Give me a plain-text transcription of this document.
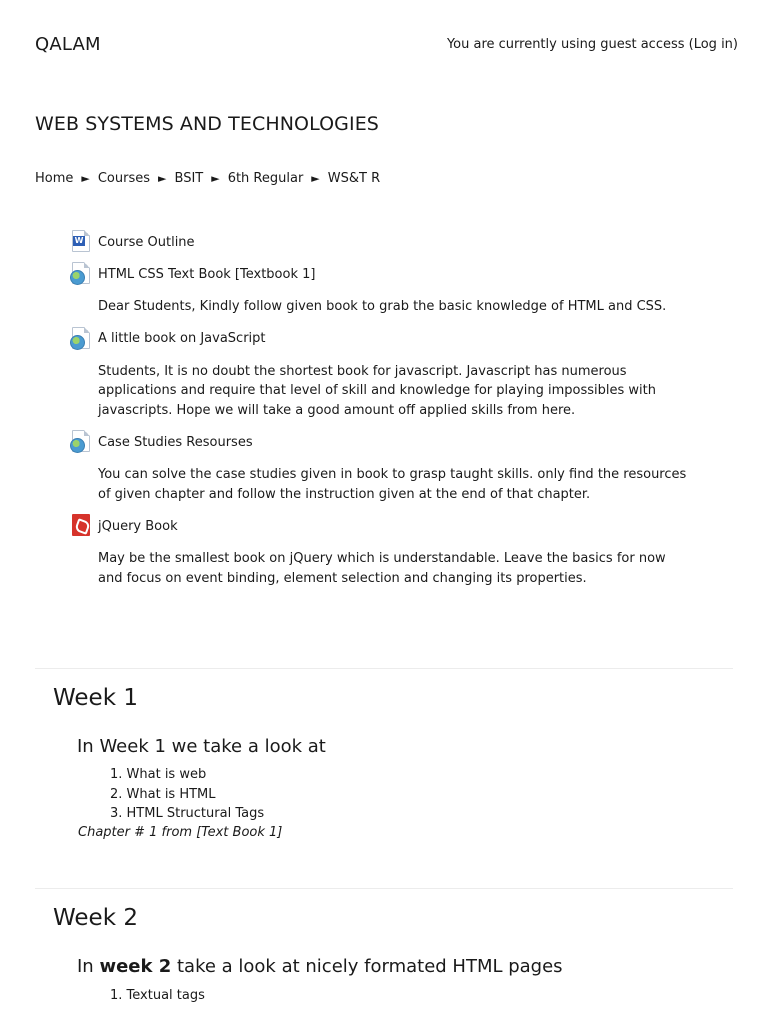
QALAM	You are currently using guest access (Log in)
WEB SYSTEMS AND TECHNOLOGIES
Home ► Courses ► BSIT ► 6th Regular ► WS&T R
W Course Outline
HTML CSS Text Book [Textbook 1]

Dear Students, Kindly follow given book to grab the basic knowledge of HTML and CSS.

A little book on JavaScript

Students, It is no doubt the shortest book for javascript. Javascript has numerous applications and require that level of skill and knowledge for playing impossibles with javascripts. Hope we will take a good amount off applied skills from here.

Case Studies Resourses

You can solve the case studies given in book to grasp taught skills. only find the resources of given chapter and follow the instruction given at the end of that chapter.

jQuery Book

May be the smallest book on jQuery which is understandable. Leave the basics for now and focus on event binding, element selection and changing its properties.

Week 1
In Week 1 we take a look at
1. What is web
2. What is HTML
3. HTML Structural Tags

Chapter # 1 from [Text Book 1]

Week 2
In week 2 take a look at nicely formated HTML pages
1. Textual tags
